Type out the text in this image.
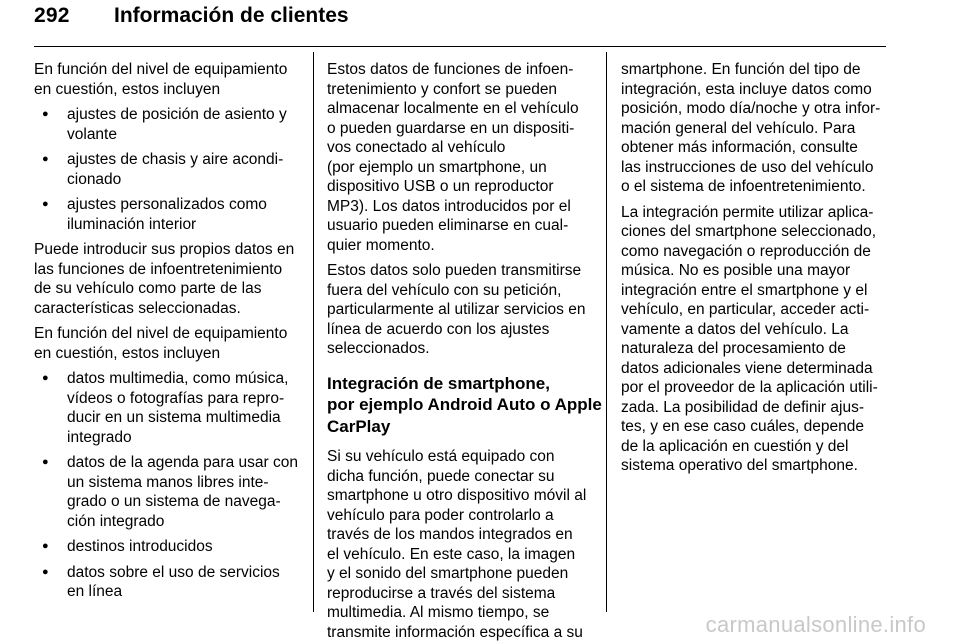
292 Información de clientes
En función del nivel de equipamiento
en cuestión, estos incluyen
● ajustes de posición de asiento y
volante
● ajustes de chasis y aire acondi-
cionado
● ajustes personalizados como
iluminación interior
Puede introducir sus propios datos en
las funciones de infoentretenimiento
de su vehículo como parte de las
características seleccionadas.
En función del nivel de equipamiento
en cuestión, estos incluyen
● datos multimedia, como música,
vídeos o fotografías para repro-
ducir en un sistema multimedia
integrado
● datos de la agenda para usar con
un sistema manos libres inte-
grado o un sistema de navega-
ción integrado
● destinos introducidos
● datos sobre el uso de servicios
en línea
Estos datos de funciones de infoen-
tretenimiento y confort se pueden
almacenar localmente en el vehículo
o pueden guardarse en un dispositi-
vos conectado al vehículo
(por ejemplo un smartphone, un
dispositivo USB o un reproductor
MP3). Los datos introducidos por el
usuario pueden eliminarse en cual-
quier momento.
Estos datos solo pueden transmitirse
fuera del vehículo con su petición,
particularmente al utilizar servicios en
línea de acuerdo con los ajustes
seleccionados.
Integración de smartphone,
por ejemplo Android Auto o Apple
CarPlay
Si su vehículo está equipado con
dicha función, puede conectar su
smartphone u otro dispositivo móvil al
vehículo para poder controlarlo a
través de los mandos integrados en
el vehículo. En este caso, la imagen
y el sonido del smartphone pueden
reproducirse a través del sistema
multimedia. Al mismo tiempo, se
transmite información específica a su
smartphone. En función del tipo de
integración, esta incluye datos como
posición, modo día/noche y otra infor-
mación general del vehículo. Para
obtener más información, consulte
las instrucciones de uso del vehículo
o el sistema de infoentretenimiento.
La integración permite utilizar aplica-
ciones del smartphone seleccionado,
como navegación o reproducción de
música. No es posible una mayor
integración entre el smartphone y el
vehículo, en particular, acceder acti-
vamente a datos del vehículo. La
naturaleza del procesamiento de
datos adicionales viene determinada
por el proveedor de la aplicación utili-
zada. La posibilidad de definir ajus-
tes, y en ese caso cuáles, depende
de la aplicación en cuestión y del
sistema operativo del smartphone.
carmanualsonline.info
